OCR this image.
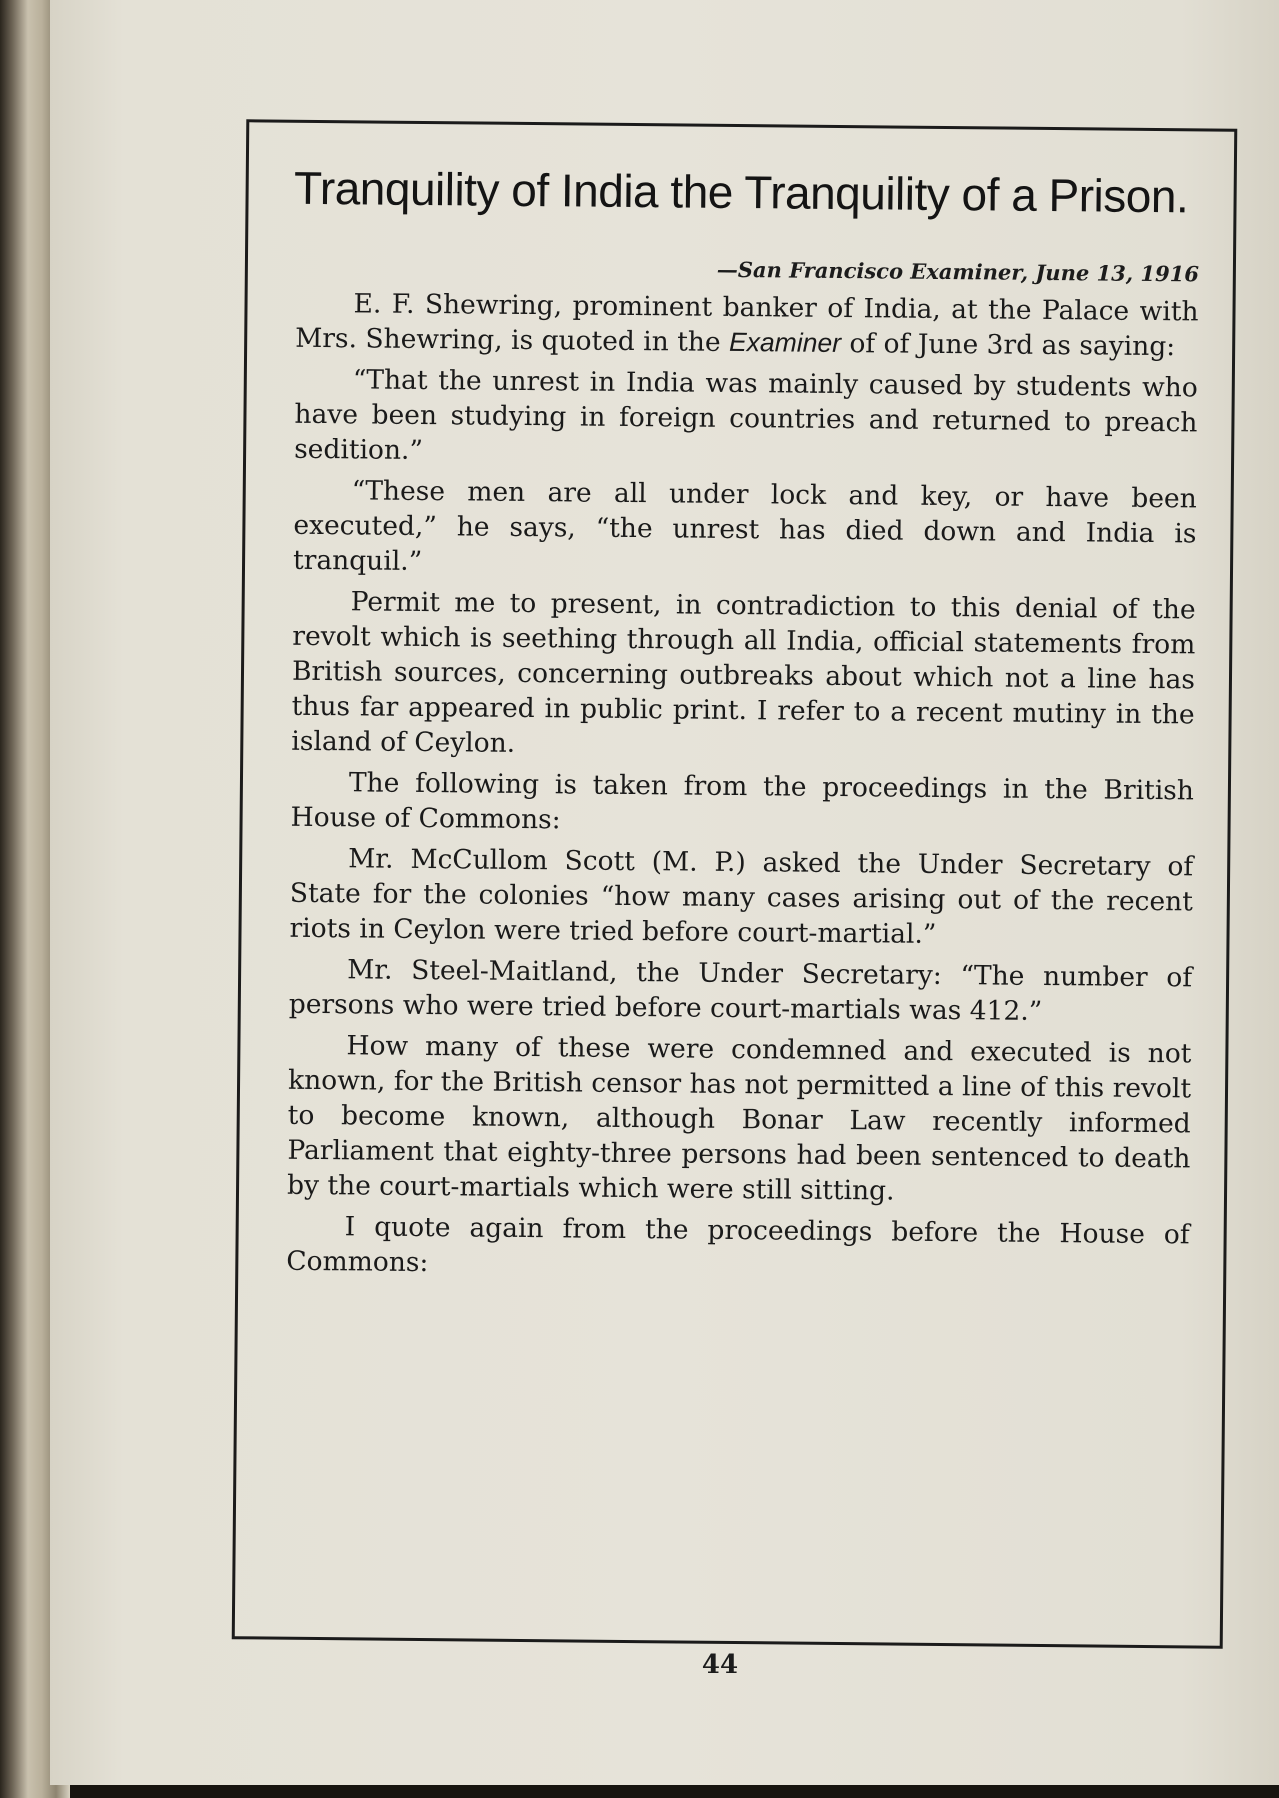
Tranquility of India the Tranquility of a Prison.
—San Francisco Examiner, June 13, 1916

E. F. Shewring, prominent banker of India, at the Palace with Mrs. Shewring, is quoted in the Examiner of of June 3rd as saying:

“That the unrest in India was mainly caused by students who have been studying in foreign countries and returned to preach sedition.”

“These men are all under lock and key, or have been executed,” he says, “the unrest has died down and India is tranquil.”

Permit me to present, in contradiction to this denial of the revolt which is seething through all India, official statements from British sources, concerning outbreaks about which not a line has thus far appeared in public print. I refer to a recent mutiny in the island of Ceylon.

The following is taken from the proceedings in the British House of Commons:

Mr. McCullom Scott (M. P.) asked the Under Secretary of State for the colonies “how many cases arising out of the recent riots in Ceylon were tried before court-martial.”

Mr. Steel-Maitland, the Under Secretary: “The number of persons who were tried before court-martials was 412.”

How many of these were condemned and executed is not known, for the British censor has not permitted a line of this revolt to become known, although Bonar Law recently informed Parliament that eighty-three persons had been sentenced to death by the court-martials which were still sitting.

I quote again from the proceedings before the House of Commons:

44
